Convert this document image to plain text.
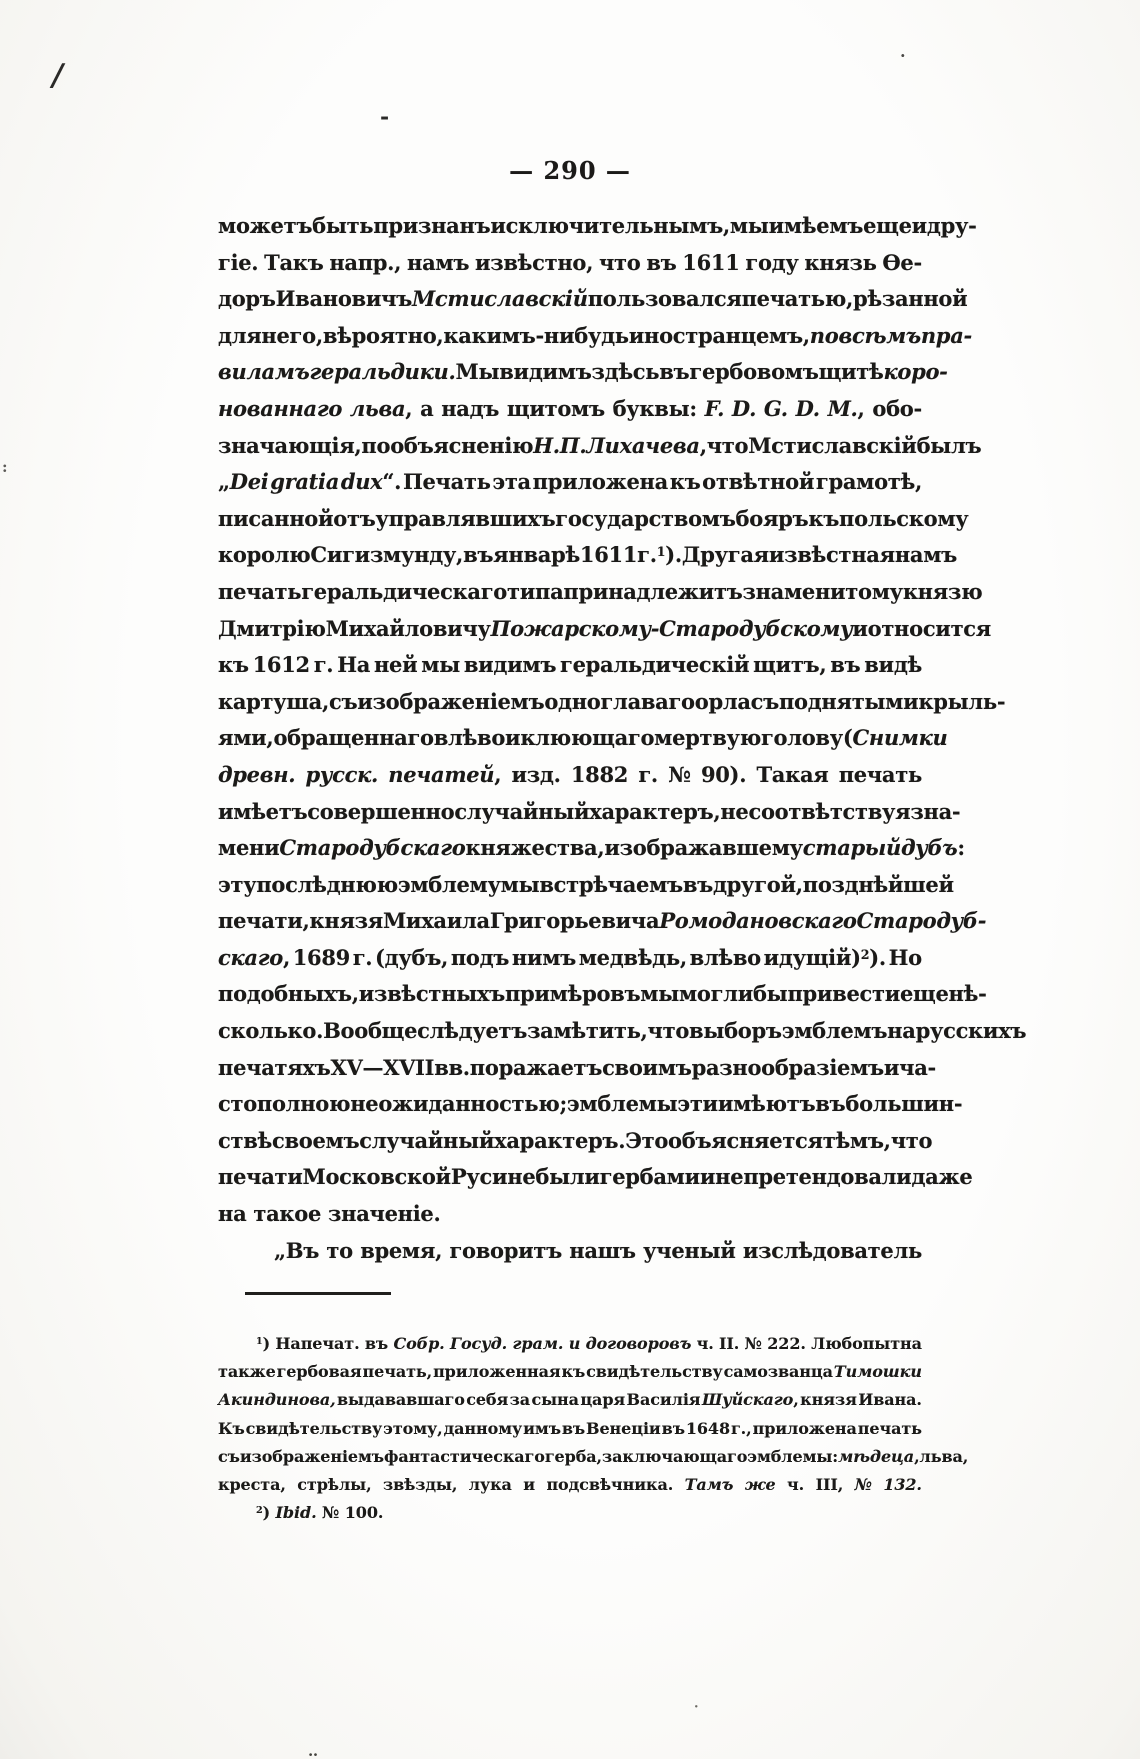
/
-
·
:
‥
·
— 290 —
можетъ быть признанъ исключительнымъ, мы имѣемъ еще и дру-
гіе. Такъ напр., намъ извѣстно, что въ 1611 году князь Ѳе-
доръ Ивановичъ Мстиславскій пользовался печатью, рѣзанной
для него, вѣроятно, какимъ-нибудь иностранцемъ, по всѣмъ пра-
виламъ геральдики. Мы видимъ здѣсь въ гербовомъ щитѣ коро-
нованнаго льва, а надъ щитомъ буквы: F. D. G. D. M., обо-
значающія, по объясненію Н. П. Лихачева, что Мстиславскій былъ
„Dei gratia dux“. Печать эта приложена къ отвѣтной грамотѣ,
писанной отъ управлявшихъ государствомъ бояръ къ польскому
королю Сигизмунду, въ январѣ 1611 г.$^1$). Другая извѣстная намъ
печать геральдическаго типа принадлежитъ знаменитому князю
Дмитрію Михайловичу Пожарскому-Стародубскому и относится
къ 1612 г. На ней мы видимъ геральдическій щитъ, въ видѣ
картуша, съ изображеніемъ одноглаваго орла съ поднятыми крыль-
ями, обращеннаго влѣво и клюющаго мертвую голову (Снимки
древн. русск. печатей, изд. 1882 г. № 90). Такая печать
имѣетъ совершенно случайный характеръ, не соотвѣтствуя зна-
мени Стародубскаго княжества, изображавшему старый дубъ:
эту послѣднюю эмблему мы встрѣчаемъ въ другой, позднѣйшей
печати, князя Михаила Григорьевича Ромодановскаго Стародуб-
скаго, 1689 г. (дубъ, подъ нимъ медвѣдь, влѣво идущій)$^2$). Но
подобныхъ, извѣстныхъ примѣровъ мы могли бы привести еще нѣ-
сколько. Вообще слѣдуетъ замѣтить, что выборъ эмблемъ на русскихъ
печатяхъ XV—XVII вв. поражаетъ своимъ разнообразіемъ и ча-
сто полною неожиданностью; эмблемы эти имѣютъ въ большин-
ствѣ своемъ случайный характеръ. Это объясняется тѣмъ, что
печати Московской Руси не были гербами и не претендовали даже
на такое значеніе.
„Въ то время, говоритъ нашъ ученый изслѣдователь
$^1$) Напечат. въ Собр. Госуд. грам. и договоровъ ч. II. № 222. Любопытна
также гербовая печать, приложенная къ свидѣтельству самозванца Тимошки
Акиндинова, выдававшаго себя за сына царя Василія Шуйскаго, князя Ивана.
Къ свидѣтельству этому, данному имъ въ Венеціи въ 1648 г., приложена печать
съ изображеніемъ фантастическаго герба, заключающаго эмблемы: мѣдеца, льва,
креста, стрѣлы, звѣзды, лука и подсвѣчника. Тамъ же ч. III, № 132.
$^2$) Ibid. № 100.
